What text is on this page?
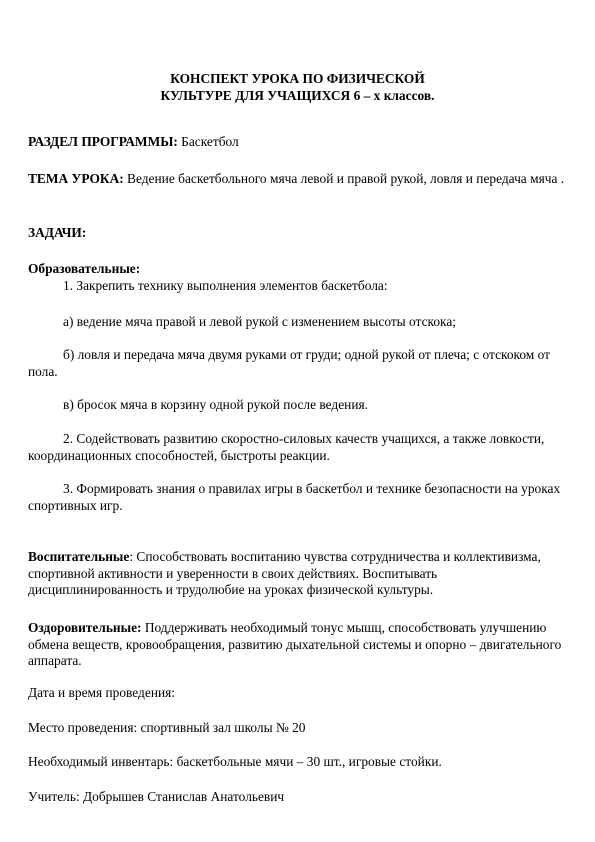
КОНСПЕКТ УРОКА ПО ФИЗИЧЕСКОЙ
КУЛЬТУРЕ ДЛЯ УЧАЩИХСЯ 6 – х классов.

РАЗДЕЛ ПРОГРАММЫ: Баскетбол

ТЕМА УРОКА: Ведение баскетбольного мяча левой и правой рукой, ловля и передача мяча .

ЗАДАЧИ:

Образовательные:

1. Закрепить технику выполнения элементов баскетбола:

а) ведение мяча правой и левой рукой с изменением высоты отскока;

б) ловля и передача мяча двумя руками от груди; одной рукой от плеча; с отскоком от пола.

в) бросок мяча в корзину одной рукой после ведения.

2. Содействовать развитию скоростно-силовых качеств учащихся, а также ловкости, координационных способностей, быстроты реакции.

3. Формировать знания о правилах игры в баскетбол и технике безопасности на уроках спортивных игр.

Воспитательные: Способствовать воспитанию чувства сотрудничества и коллективизма, спортивной активности и уверенности в своих действиях. Воспитывать дисциплинированность и трудолюбие на уроках физической культуры.

Оздоровительные: Поддерживать необходимый тонус мышц, способствовать улучшению обмена веществ, кровообращения, развитию дыхательной системы и опорно – двигательного аппарата.

Дата и время проведения:

Место проведения: спортивный зал школы № 20

Необходимый инвентарь: баскетбольные мячи – 30 шт., игровые стойки.

Учитель: Добрышев Станислав Анатольевич
